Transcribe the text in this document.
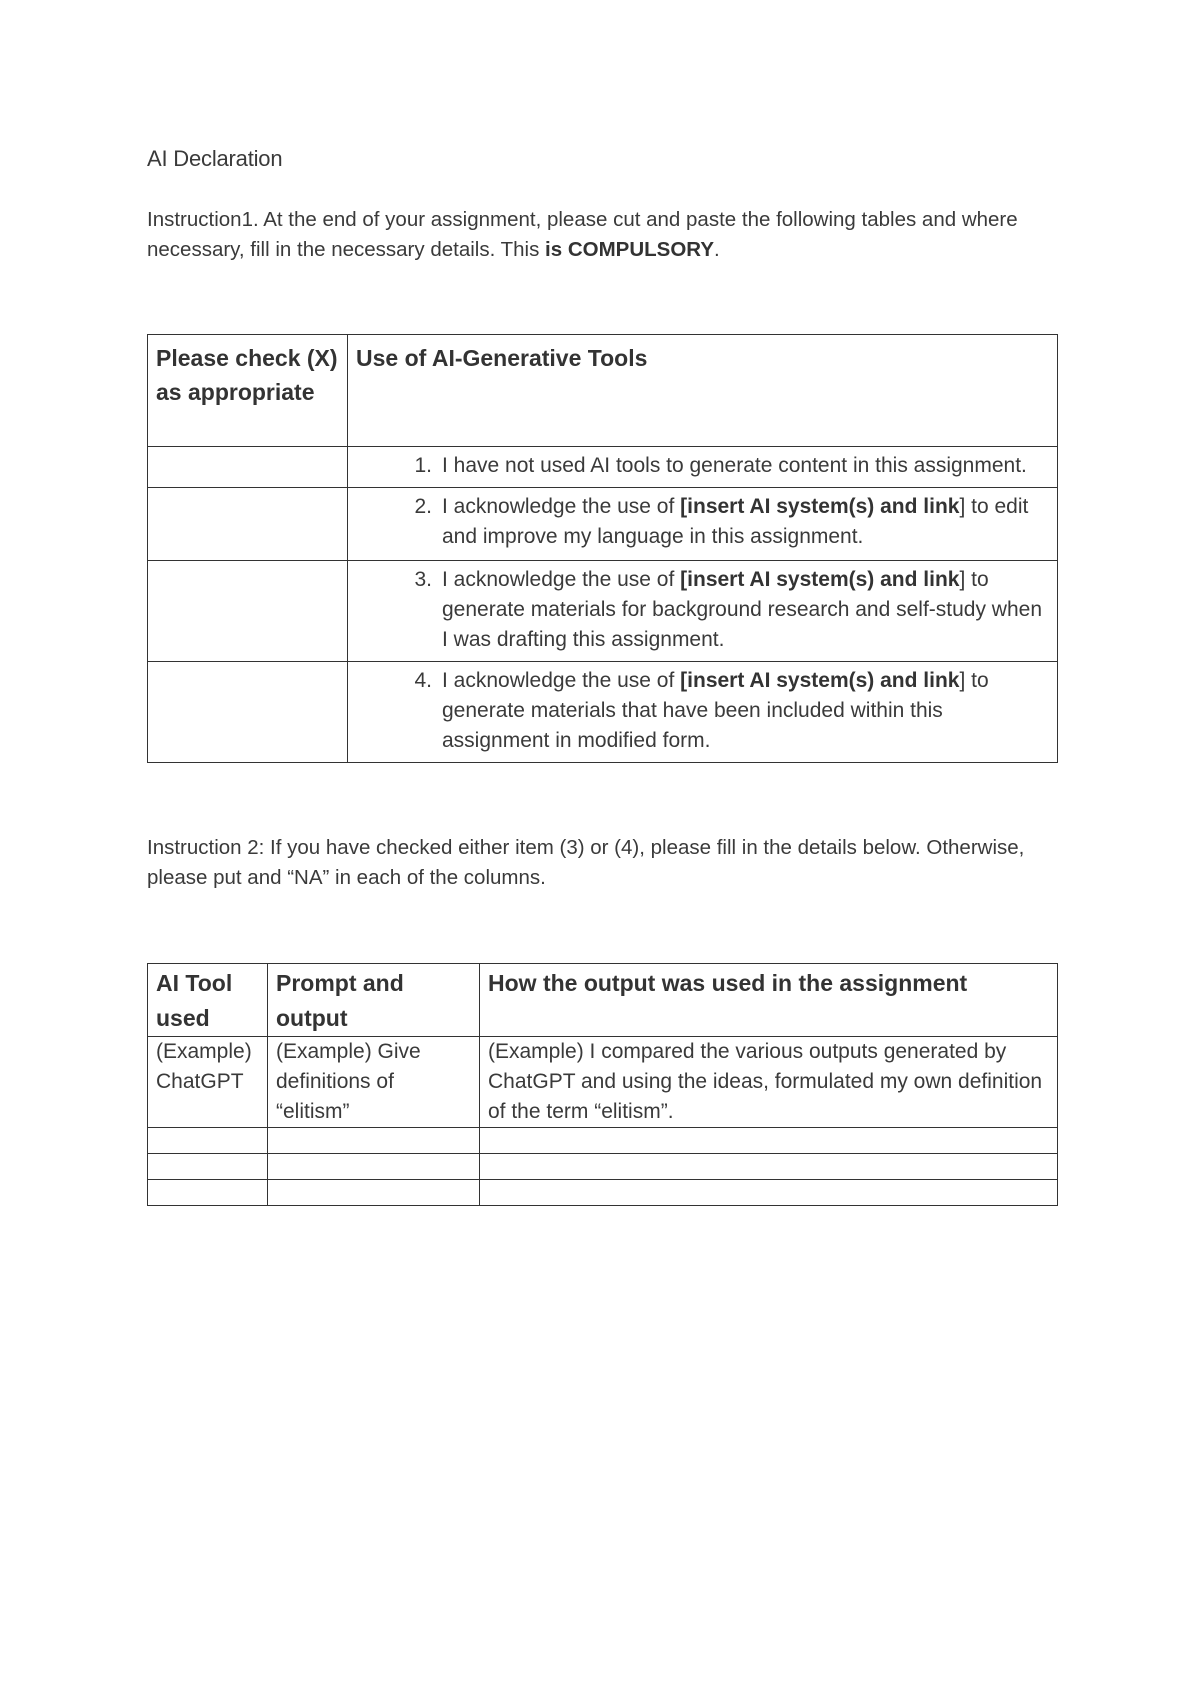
AI Declaration
Instruction1. At the end of your assignment, please cut and paste the following tables and where necessary, fill in the necessary details. This is COMPULSORY.
Please check (X) as appropriate	Use of AI-Generative Tools

	1. I have not used AI tools to generate content in this assignment.

	2. I acknowledge the use of [insert AI system(s) and link] to edit and improve my language in this assignment.

	3. I acknowledge the use of [insert AI system(s) and link] to generate materials for background research and self-study when I was drafting this assignment.

	4. I acknowledge the use of [insert AI system(s) and link] to generate materials that have been included within this assignment in modified form.
Instruction 2: If you have checked either item (3) or (4), please fill in the details below. Otherwise, please put and “NA” in each of the columns.
AI Tool used	Prompt and output	How the output was used in the assignment
(Example) ChatGPT	(Example) Give definitions of “elitism”	(Example) I compared the various outputs generated by ChatGPT and using the ideas, formulated my own definition of the term “elitism”.
